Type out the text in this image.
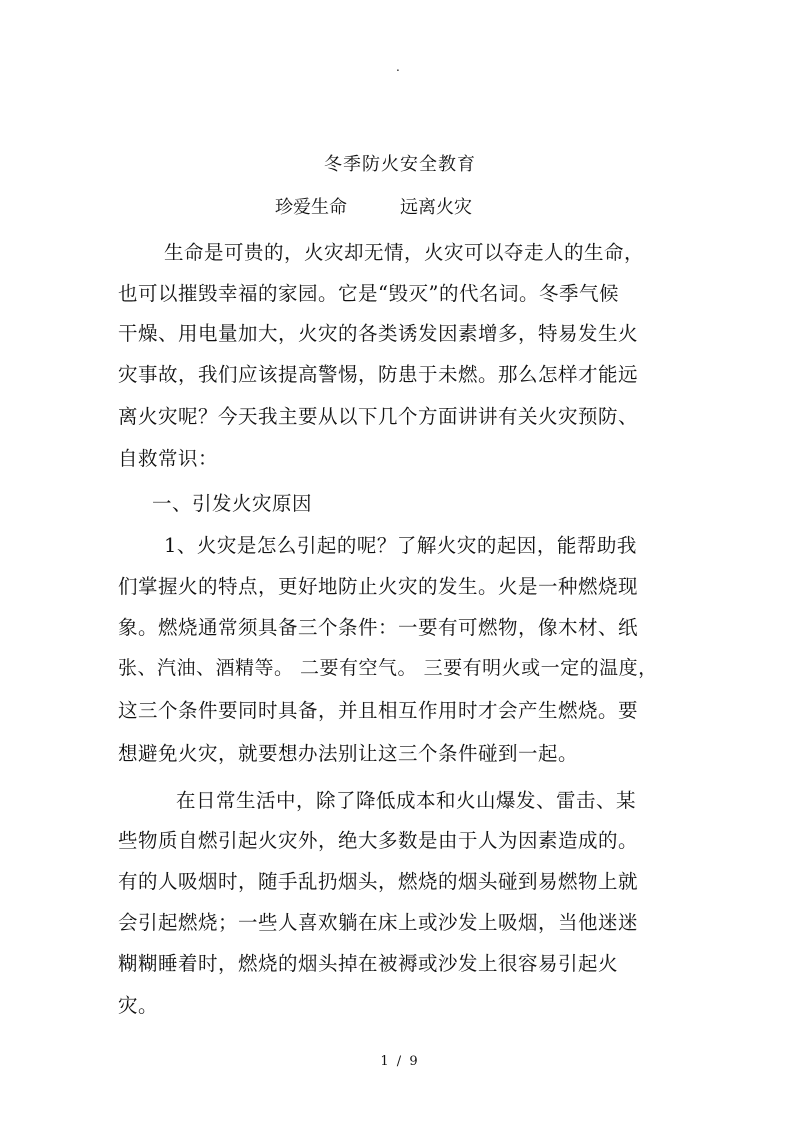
.
冬季防火安全教育
珍爱生命	远离火灾
生命是可贵的，火灾却无情，火灾可以夺走人的生命，
也可以摧毁幸福的家园。它是“毁灭”的代名词。冬季气候
干燥、用电量加大，火灾的各类诱发因素增多，特易发生火
灾事故，我们应该提高警惕，防患于未燃。那么怎样才能远
离火灾呢？今天我主要从以下几个方面讲讲有关火灾预防、
自救常识：
一、引发火灾原因
1、火灾是怎么引起的呢？了解火灾的起因，能帮助我
们掌握火的特点，更好地防止火灾的发生。火是一种燃烧现
象。燃烧通常须具备三个条件：一要有可燃物，像木材、纸
张、汽油、酒精等。 二要有空气。 三要有明火或一定的温度，
这三个条件要同时具备，并且相互作用时才会产生燃烧。要
想避免火灾，就要想办法别让这三个条件碰到一起。
在日常生活中，除了降低成本和火山爆发、雷击、某
些物质自燃引起火灾外，绝大多数是由于人为因素造成的。
有的人吸烟时，随手乱扔烟头，燃烧的烟头碰到易燃物上就
会引起燃烧；一些人喜欢躺在床上或沙发上吸烟，当他迷迷
糊糊睡着时，燃烧的烟头掉在被褥或沙发上很容易引起火
灾。
1 / 9
